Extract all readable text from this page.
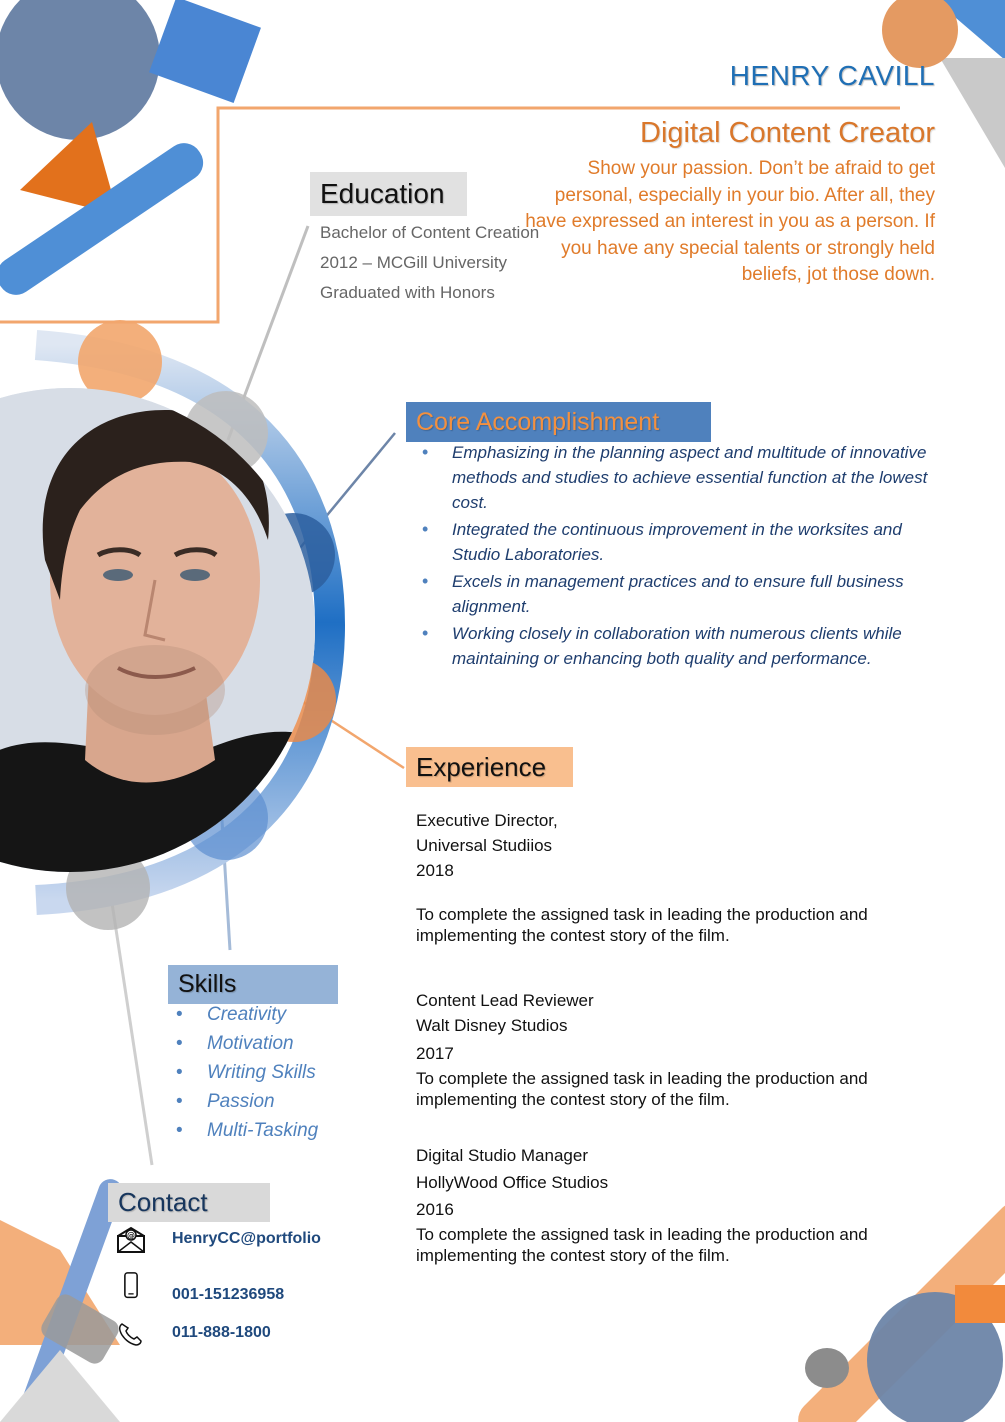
HENRY CAVILL
Digital Content Creator
Show your passion. Don’t be afraid to get personal, especially in your bio. After all, they have expressed an interest in you as a person. If you have any special talents or strongly held beliefs, jot those down.
Education
Bachelor of Content Creation
2012 – MCGill University
Graduated with Honors
Core Accomplishment
• Emphasizing in the planning aspect and multitude of innovative methods and studies to achieve essential function at the lowest cost.
• Integrated the continuous improvement in the worksites and Studio Laboratories.
• Excels in management practices and to ensure full business alignment.
• Working closely in collaboration with numerous clients while maintaining or enhancing both quality and performance.
Experience
Executive Director,
Universal Studiios
2018
To complete the assigned task in leading the production and implementing the contest story of the film.
Content Lead Reviewer
Walt Disney Studios
2017
To complete the assigned task in leading the production and implementing the contest story of the film.
Digital Studio Manager
HollyWood Office Studios
2016
To complete the assigned task in leading the production and implementing the contest story of the film.
Skills
• Creativity
• Motivation
• Writing Skills
• Passion
• Multi-Tasking
Contact
@ HenryCC@portfolio
001-151236958
011-888-1800
